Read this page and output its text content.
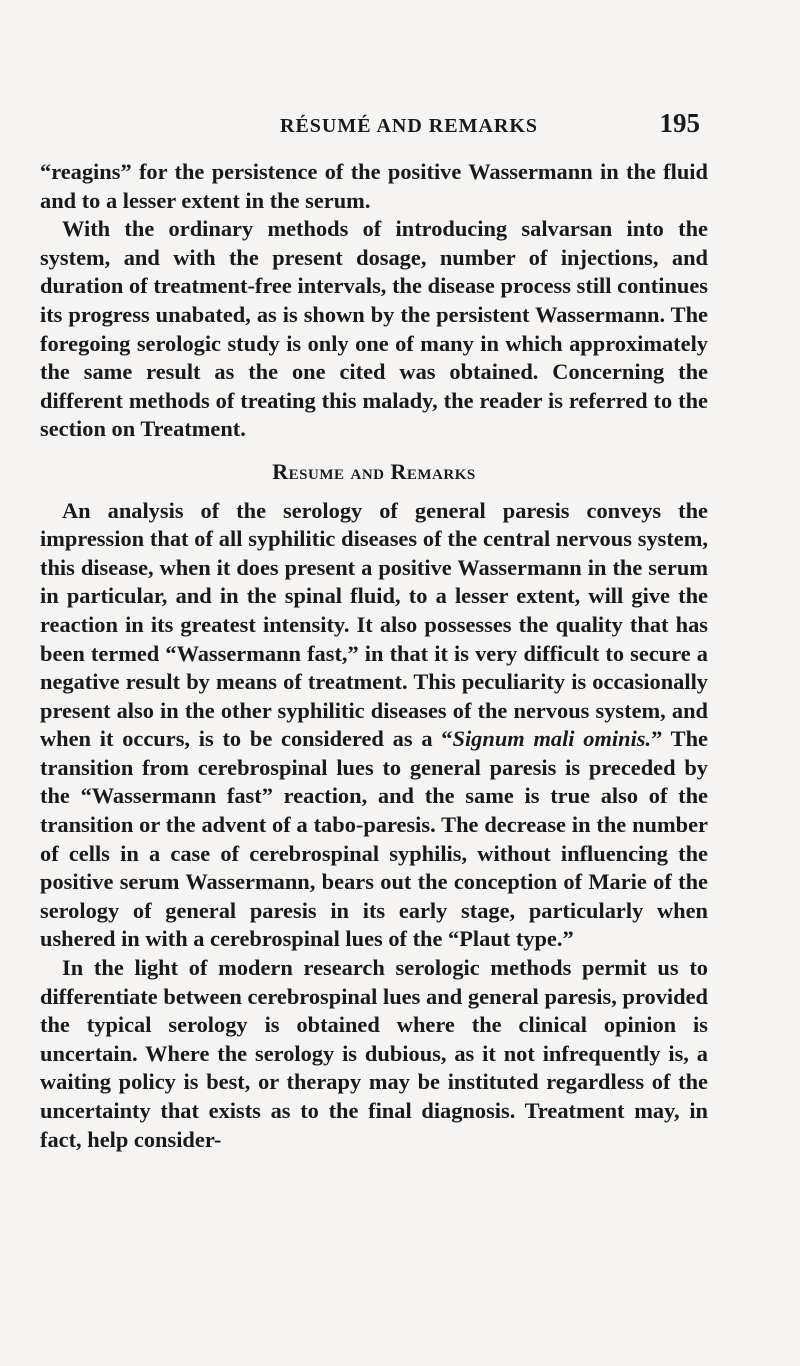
RÉSUMÉ AND REMARKS	195

“reagins” for the persistence of the positive Wassermann in the fluid and to a lesser extent in the serum.

With the ordinary methods of introducing salvarsan into the system, and with the present dosage, number of injections, and duration of treatment-free intervals, the disease process still continues its progress unabated, as is shown by the persistent Wassermann. The foregoing serologic study is only one of many in which approximately the same result as the one cited was obtained. Concerning the different methods of treating this malady, the reader is referred to the section on Treatment.

Resume and Remarks

An analysis of the serology of general paresis conveys the impression that of all syphilitic diseases of the central nervous system, this disease, when it does present a positive Wassermann in the serum in particular, and in the spinal fluid, to a lesser extent, will give the reaction in its greatest intensity. It also possesses the quality that has been termed “Wassermann fast,” in that it is very difficult to secure a negative result by means of treatment. This peculiarity is occasionally present also in the other syphilitic diseases of the nervous system, and when it occurs, is to be considered as a “Signum mali ominis.” The transition from cerebrospinal lues to general paresis is preceded by the “Wassermann fast” reaction, and the same is true also of the transition or the advent of a tabo-paresis. The decrease in the number of cells in a case of cerebrospinal syphilis, without influencing the positive serum Wassermann, bears out the conception of Marie of the serology of general paresis in its early stage, particularly when ushered in with a cerebrospinal lues of the “Plaut type.”

In the light of modern research serologic methods permit us to differentiate between cerebrospinal lues and general paresis, provided the typical serology is obtained where the clinical opinion is uncertain. Where the serology is dubious, as it not infrequently is, a waiting policy is best, or therapy may be instituted regardless of the uncertainty that exists as to the final diagnosis. Treatment may, in fact, help consider-
